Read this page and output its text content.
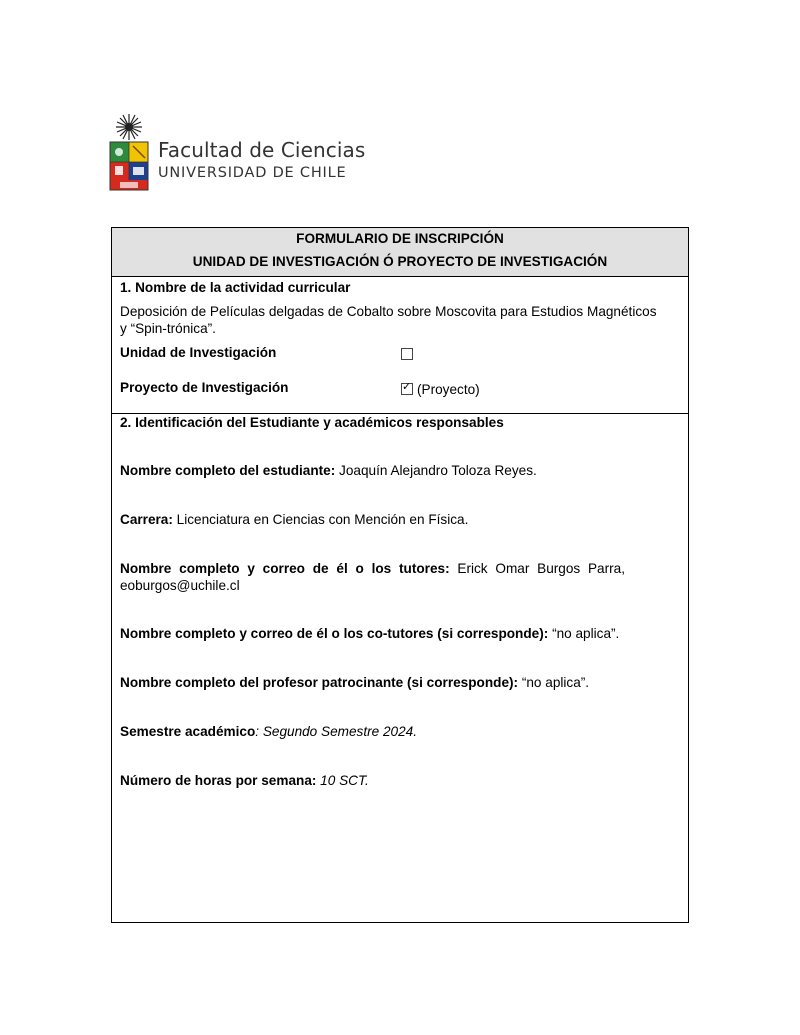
Facultad de Ciencias
UNIVERSIDAD DE CHILE
FORMULARIO DE INSCRIPCIÓN
UNIDAD DE INVESTIGACIÓN Ó PROYECTO DE INVESTIGACIÓN
1. Nombre de la actividad curricular
Deposición de Películas delgadas de Cobalto sobre Moscovita para Estudios Magnéticos
y “Spin-trónica”.
Unidad de Investigación
Proyecto de Investigación	✓ (Proyecto)
2. Identificación del Estudiante y académicos responsables
Nombre completo del estudiante: Joaquín Alejandro Toloza Reyes.
Carrera: Licenciatura en Ciencias con Mención en Física.
Nombre completo y correo de él o los tutores: Erick Omar Burgos Parra,
eoburgos@uchile.cl
Nombre completo y correo de él o los co-tutores (si corresponde): “no aplica”.
Nombre completo del profesor patrocinante (si corresponde): “no aplica”.
Semestre académico: Segundo Semestre 2024.
Número de horas por semana: 10 SCT.
